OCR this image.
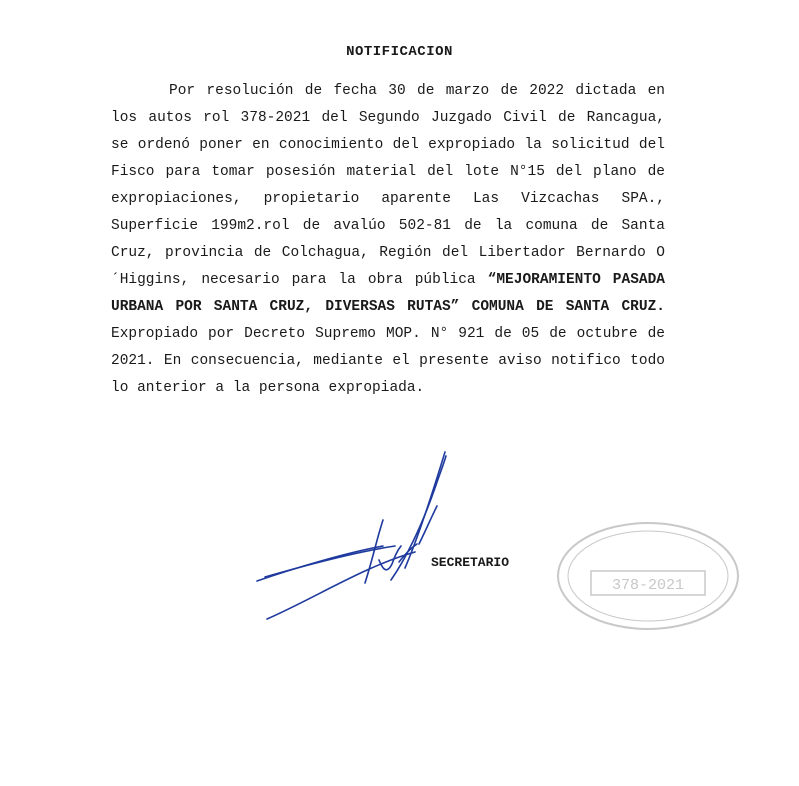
NOTIFICACION
Por resolución de fecha 30 de marzo de 2022 dictada en los autos rol 378-2021 del Segundo Juzgado Civil de Rancagua, se ordenó poner en conocimiento del expropiado la solicitud del Fisco para tomar posesión material del lote N°15 del plano de expropiaciones, propietario aparente Las Vizcachas SPA., Superficie 199m2.rol de avalúo 502-81 de la comuna de Santa Cruz, provincia de Colchagua, Región del Libertador Bernardo O´Higgins, necesario para la obra pública “MEJORAMIENTO PASADA URBANA POR SANTA CRUZ, DIVERSAS RUTAS” COMUNA DE SANTA CRUZ. Expropiado por Decreto Supremo MOP. N° 921 de 05 de octubre de 2021. En consecuencia, mediante el presente aviso notifico todo lo anterior a la persona expropiada.
SECRETARIO
378-2021
